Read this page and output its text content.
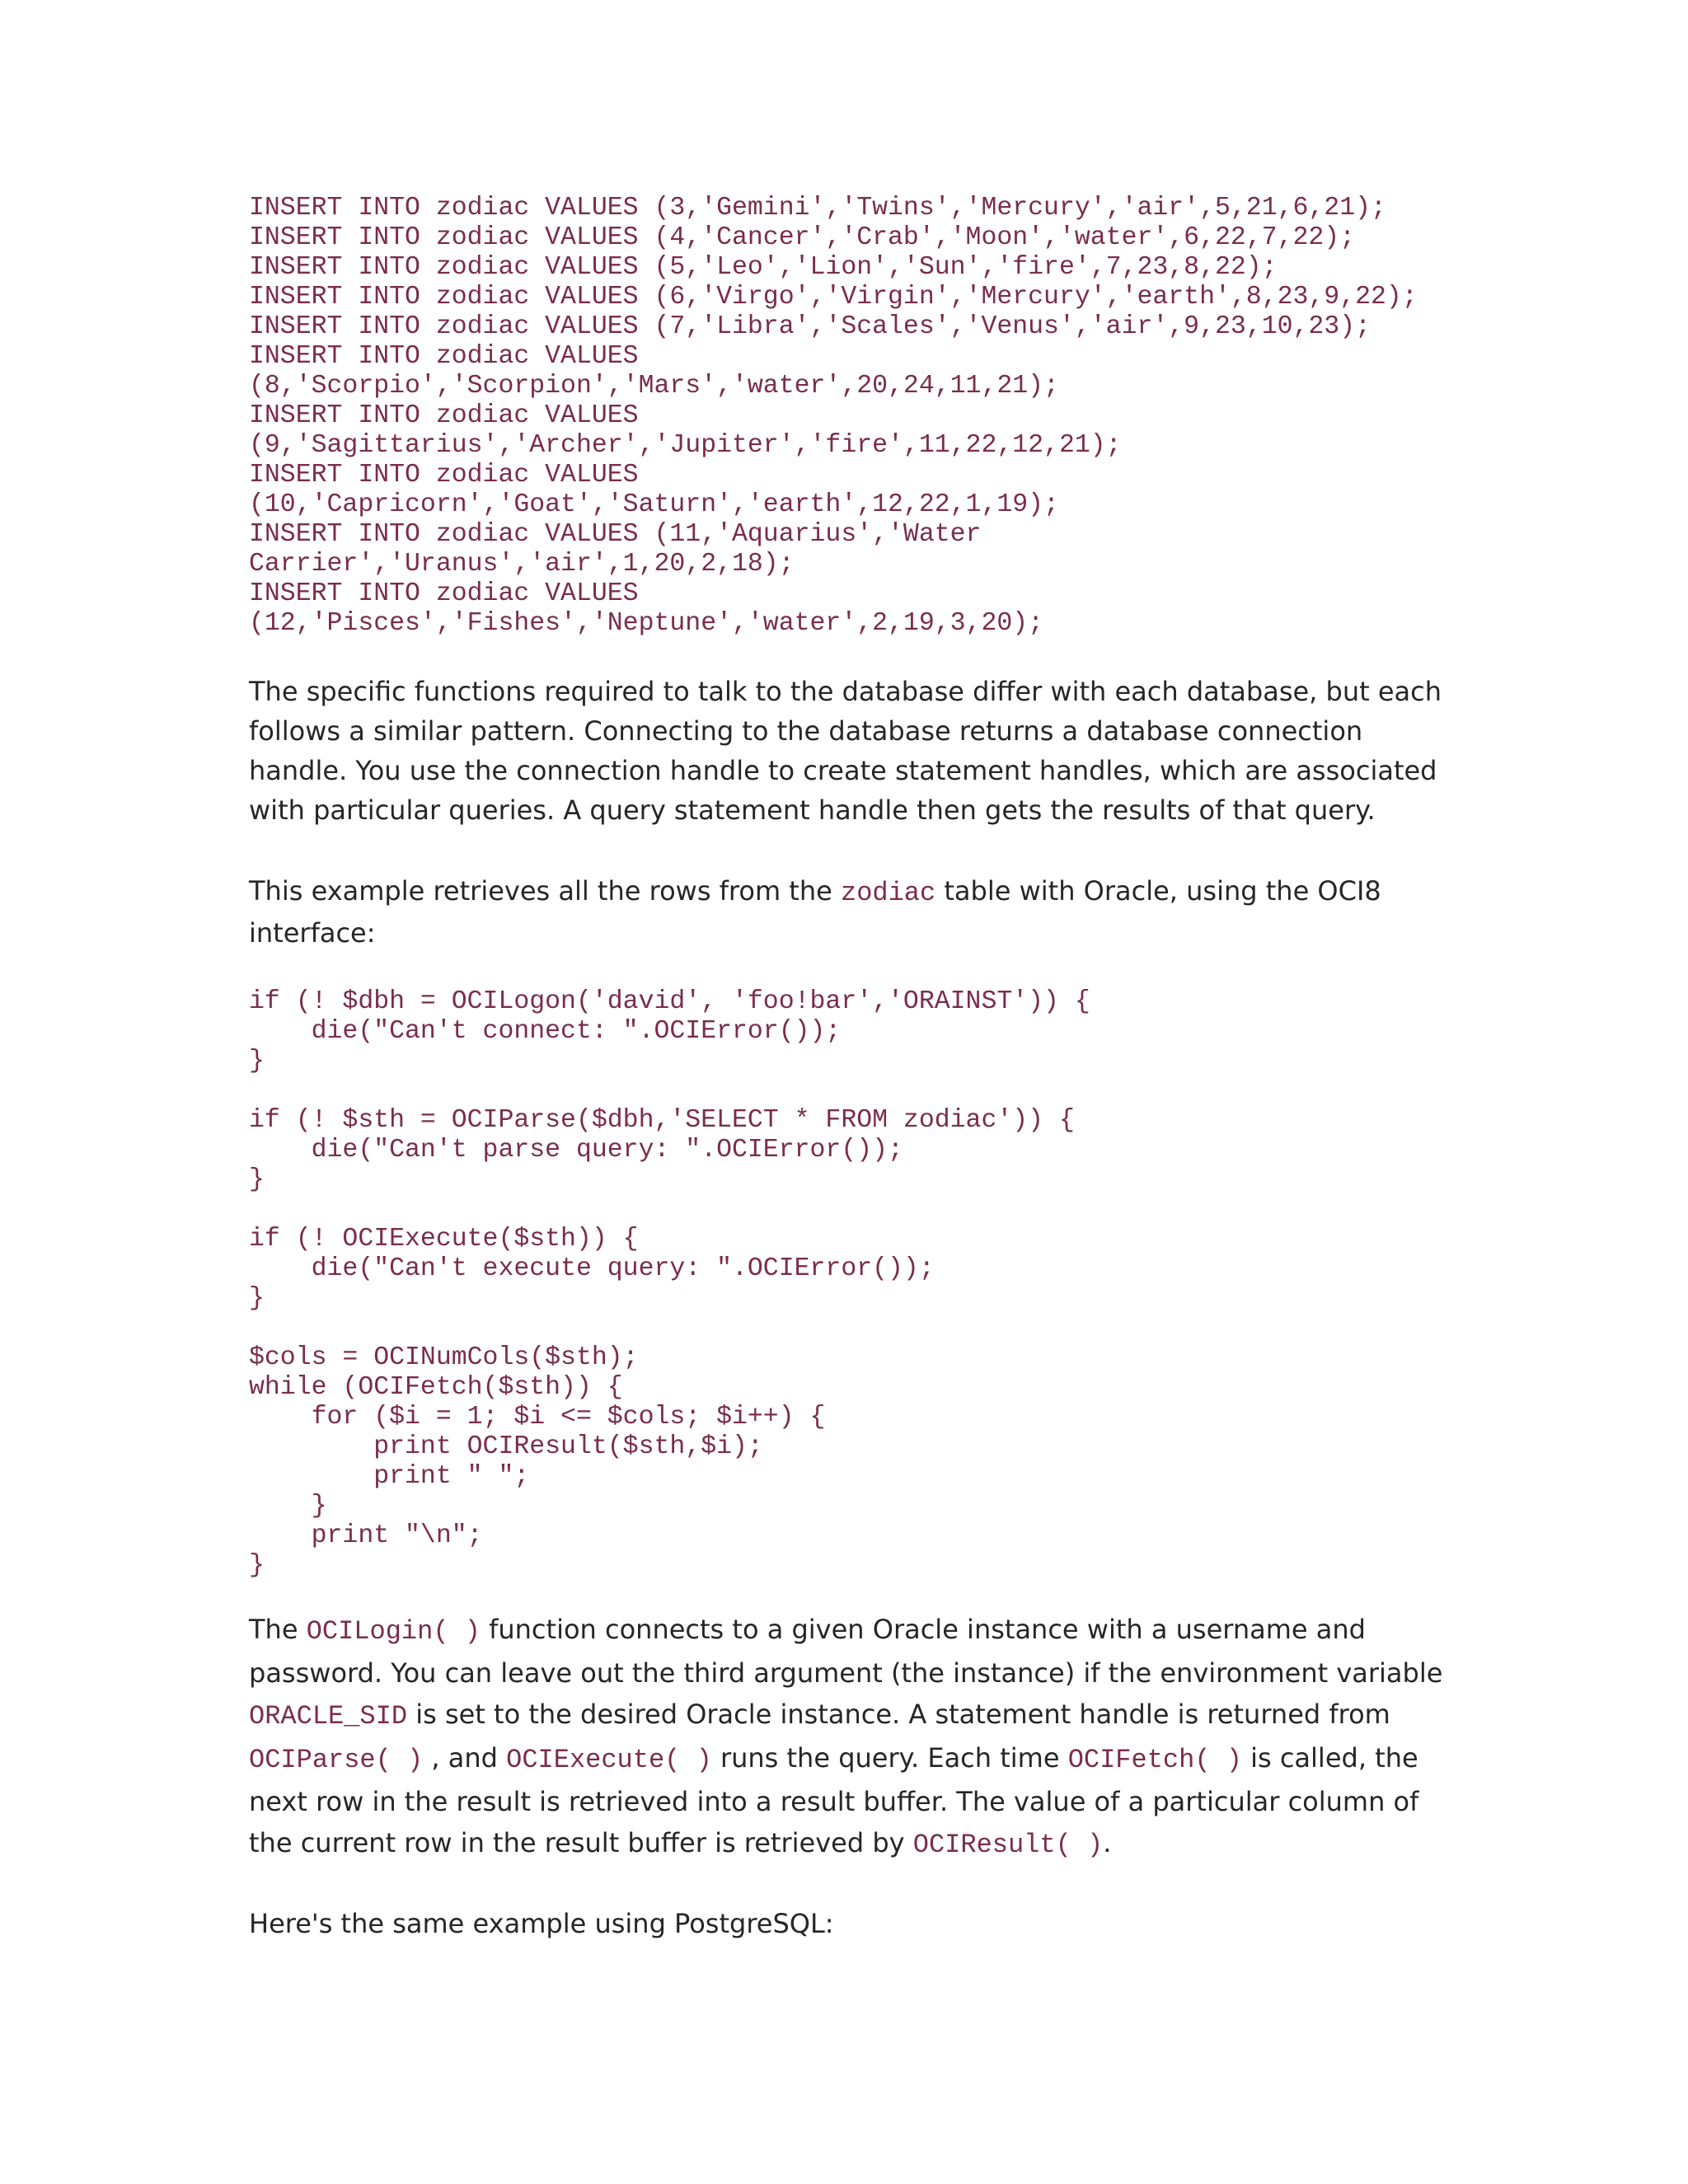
INSERT INTO zodiac VALUES (3,'Gemini','Twins','Mercury','air',5,21,6,21);
INSERT INTO zodiac VALUES (4,'Cancer','Crab','Moon','water',6,22,7,22);
INSERT INTO zodiac VALUES (5,'Leo','Lion','Sun','fire',7,23,8,22);
INSERT INTO zodiac VALUES (6,'Virgo','Virgin','Mercury','earth',8,23,9,22);
INSERT INTO zodiac VALUES (7,'Libra','Scales','Venus','air',9,23,10,23);
INSERT INTO zodiac VALUES
(8,'Scorpio','Scorpion','Mars','water',20,24,11,21);
INSERT INTO zodiac VALUES
(9,'Sagittarius','Archer','Jupiter','fire',11,22,12,21);
INSERT INTO zodiac VALUES
(10,'Capricorn','Goat','Saturn','earth',12,22,1,19);
INSERT INTO zodiac VALUES (11,'Aquarius','Water
Carrier','Uranus','air',1,20,2,18);
INSERT INTO zodiac VALUES
(12,'Pisces','Fishes','Neptune','water',2,19,3,20);

The specific functions required to talk to the database differ with each database, but each follows a similar pattern. Connecting to the database returns a database connection handle. You use the connection handle to create statement handles, which are associated with particular queries. A query statement handle then gets the results of that query.

This example retrieves all the rows from the zodiac table with Oracle, using the OCI8 interface:

if (! $dbh = OCILogon('david', 'foo!bar','ORAINST')) {
die("Can't connect: ".OCIError());
}
if (! $sth = OCIParse($dbh,'SELECT * FROM zodiac')) {
die("Can't parse query: ".OCIError());
}
if (! OCIExecute($sth)) {
die("Can't execute query: ".OCIError());
}
$cols = OCINumCols($sth);
while (OCIFetch($sth)) {
for ($i = 1; $i <= $cols; $i++) {
print OCIResult($sth,$i);
print " ";
}
print "\n";
}

The OCILogin( ) function connects to a given Oracle instance with a username and password. You can leave out the third argument (the instance) if the environment variable ORACLE_SID is set to the desired Oracle instance. A statement handle is returned from OCIParse( ) , and OCIExecute( ) runs the query. Each time OCIFetch( ) is called, the next row in the result is retrieved into a result buffer. The value of a particular column of the current row in the result buffer is retrieved by OCIResult( ).

Here's the same example using PostgreSQL:
